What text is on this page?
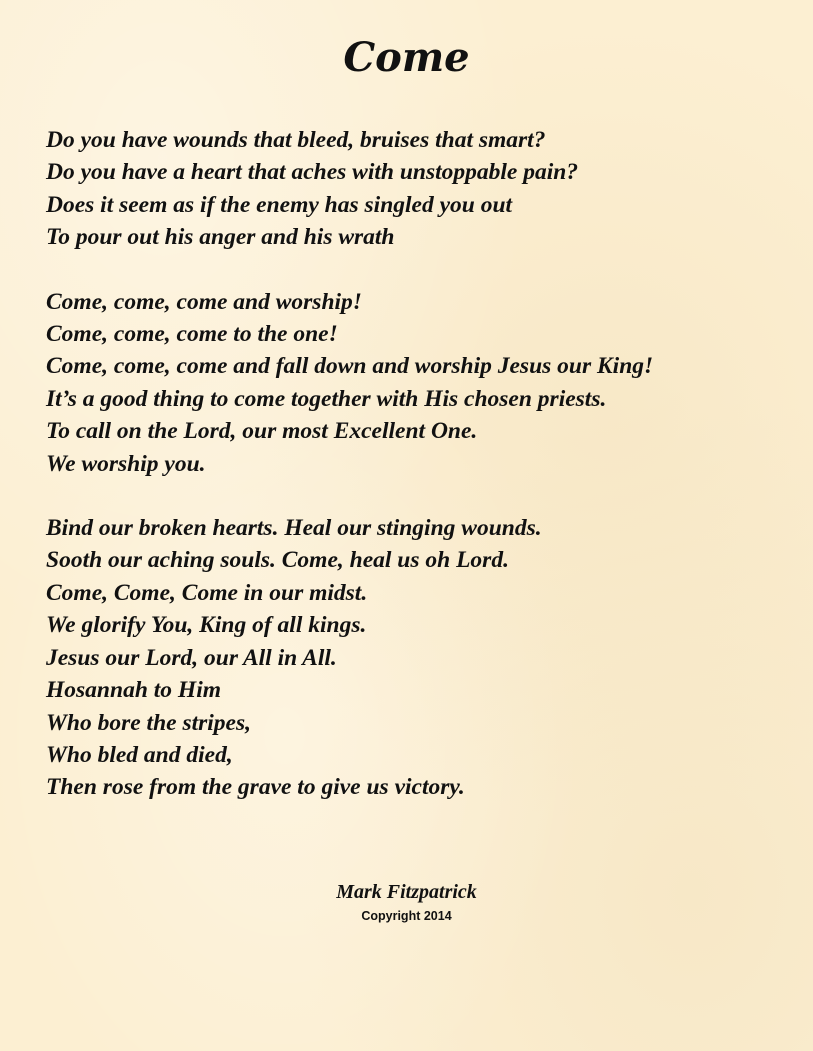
Come
Do you have wounds that bleed, bruises that smart?
Do you have a heart that aches with unstoppable pain?
Does it seem as if the enemy has singled you out
To pour out his anger and his wrath
Come, come, come and worship!
Come, come, come to the one!
Come, come, come and fall down and worship Jesus our King!
It’s a good thing to come together with His chosen priests.
To call on the Lord, our most Excellent One.
We worship you.
Bind our broken hearts. Heal our stinging wounds.
Sooth our aching souls. Come, heal us oh Lord.
Come, Come, Come in our midst.
We glorify You, King of all kings.
Jesus our Lord, our All in All.
Hosannah to Him
Who bore the stripes,
Who bled and died,
Then rose from the grave to give us victory.
Mark Fitzpatrick
Copyright 2014
